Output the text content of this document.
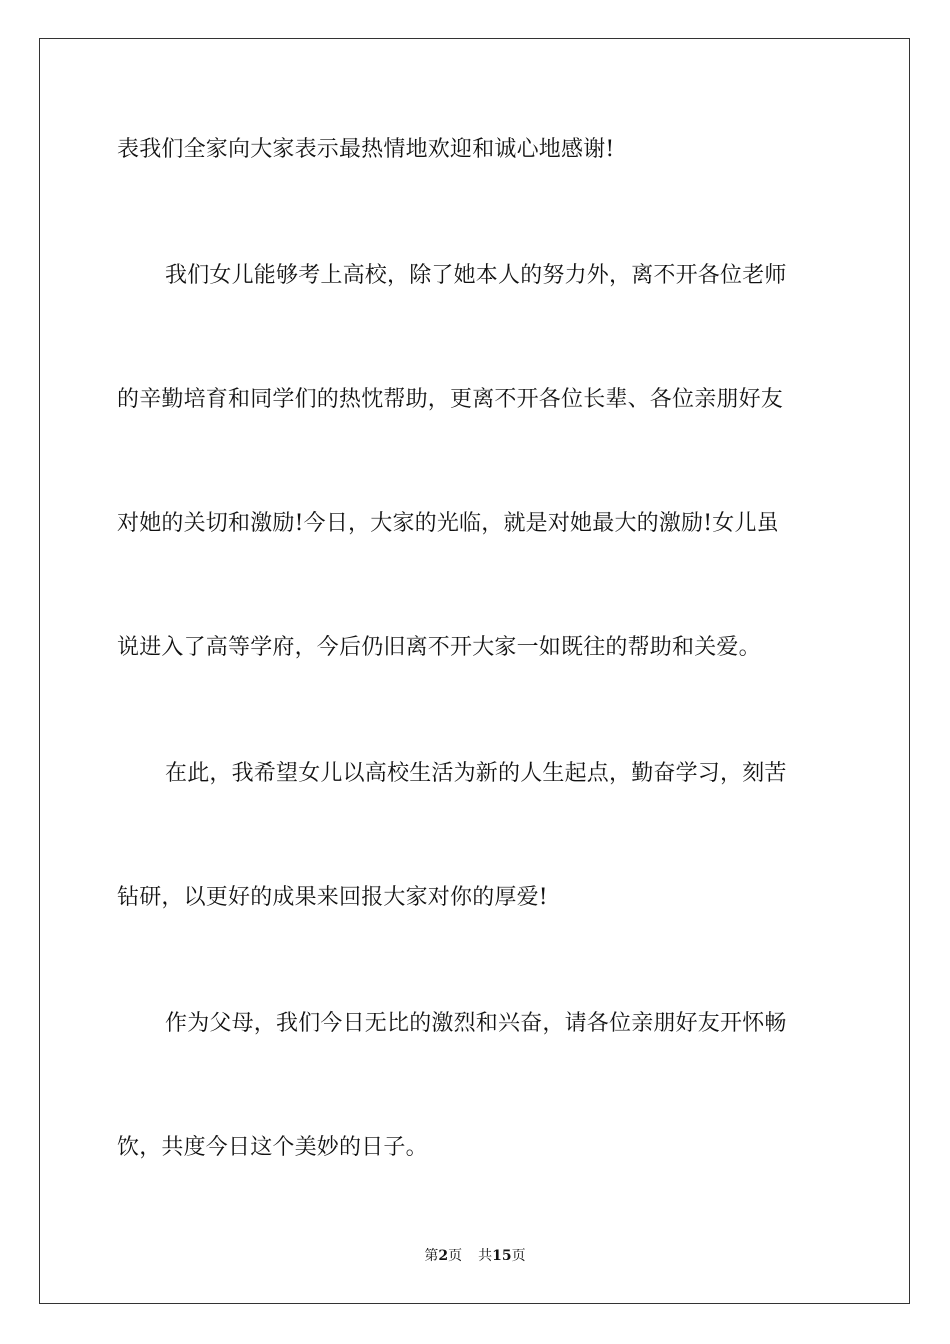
表我们全家向大家表示最热情地欢迎和诚心地感谢!
我们女儿能够考上高校，除了她本人的努力外，离不开各位老师
的辛勤培育和同学们的热忱帮助，更离不开各位长辈、各位亲朋好友
对她的关切和激励!今日，大家的光临，就是对她最大的激励!女儿虽
说进入了高等学府，今后仍旧离不开大家一如既往的帮助和关爱。
在此，我希望女儿以高校生活为新的人生起点，勤奋学习，刻苦
钻研，以更好的成果来回报大家对你的厚爱!
作为父母，我们今日无比的激烈和兴奋，请各位亲朋好友开怀畅
饮，共度今日这个美妙的日子。
第2页 共15页
